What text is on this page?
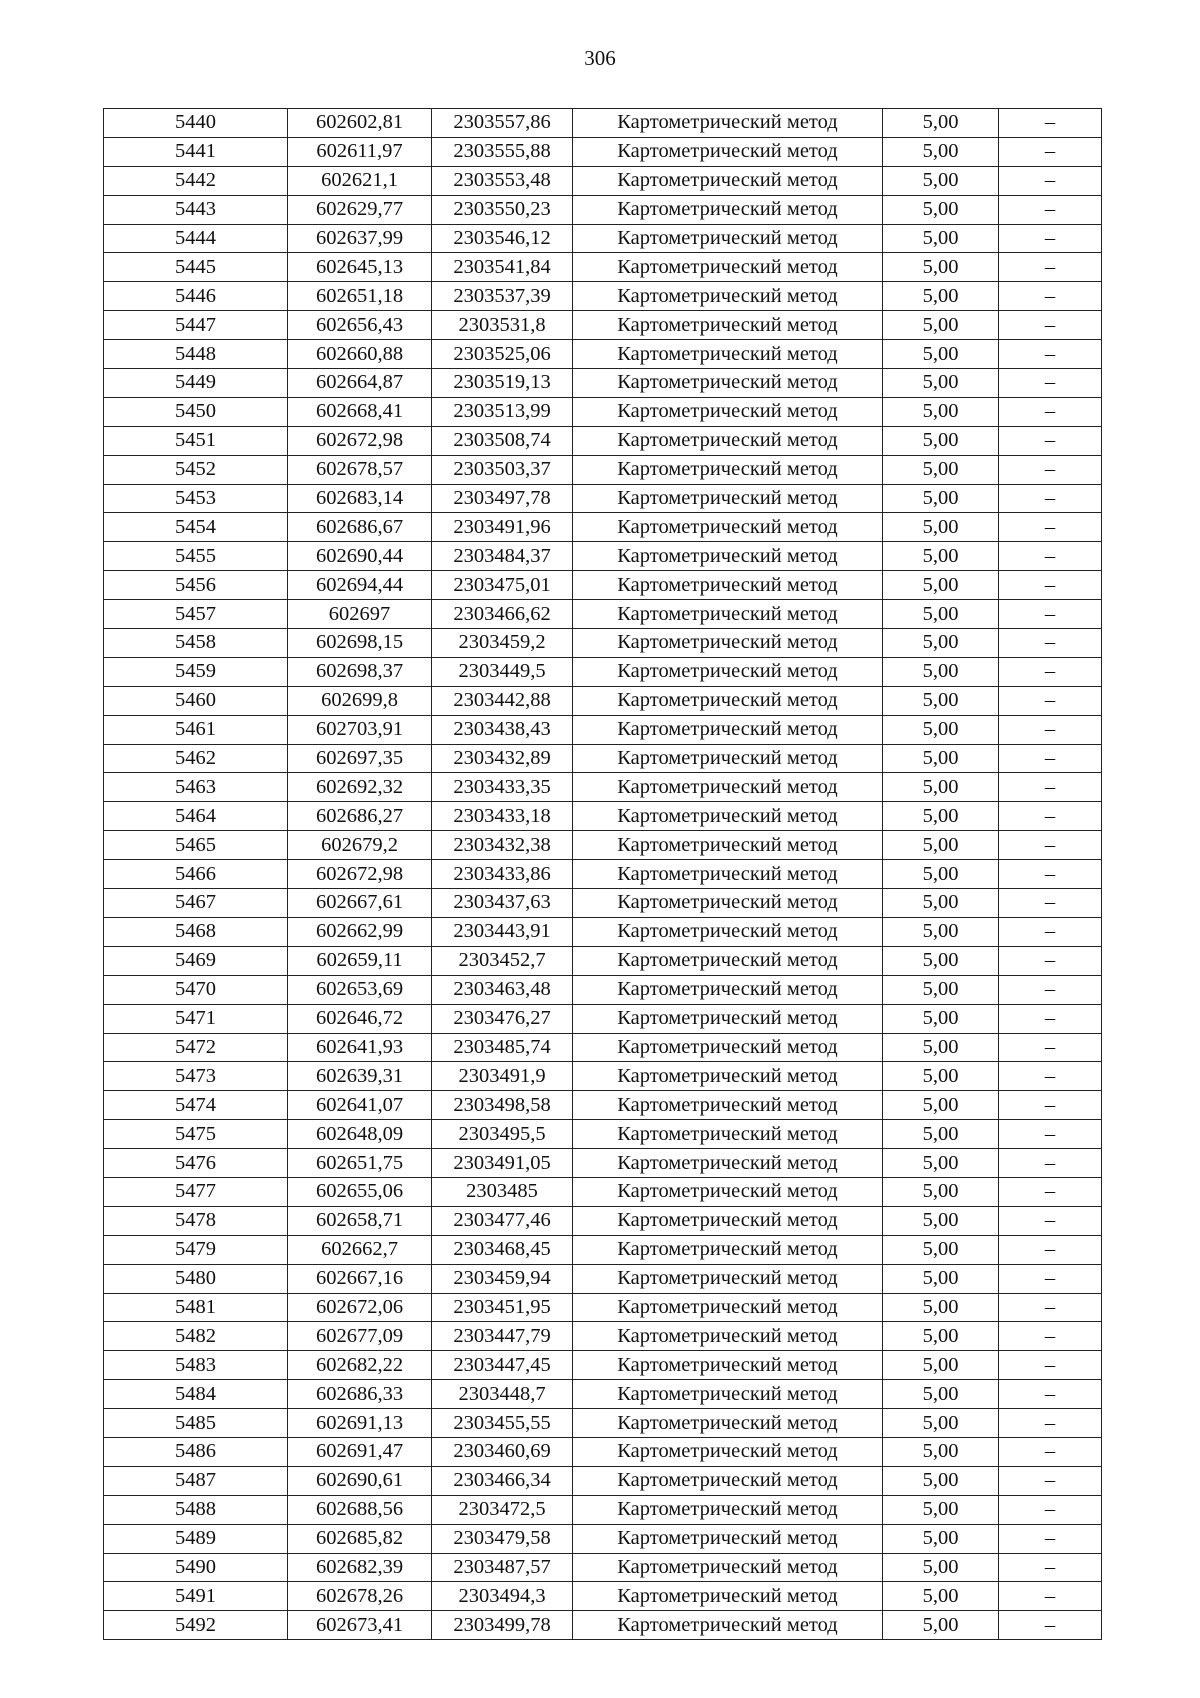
306
5440	602602,81	2303557,86	Картометрический метод	5,00	–
5441	602611,97	2303555,88	Картометрический метод	5,00	–
5442	602621,1	2303553,48	Картометрический метод	5,00	–
5443	602629,77	2303550,23	Картометрический метод	5,00	–
5444	602637,99	2303546,12	Картометрический метод	5,00	–
5445	602645,13	2303541,84	Картометрический метод	5,00	–
5446	602651,18	2303537,39	Картометрический метод	5,00	–
5447	602656,43	2303531,8	Картометрический метод	5,00	–
5448	602660,88	2303525,06	Картометрический метод	5,00	–
5449	602664,87	2303519,13	Картометрический метод	5,00	–
5450	602668,41	2303513,99	Картометрический метод	5,00	–
5451	602672,98	2303508,74	Картометрический метод	5,00	–
5452	602678,57	2303503,37	Картометрический метод	5,00	–
5453	602683,14	2303497,78	Картометрический метод	5,00	–
5454	602686,67	2303491,96	Картометрический метод	5,00	–
5455	602690,44	2303484,37	Картометрический метод	5,00	–
5456	602694,44	2303475,01	Картометрический метод	5,00	–
5457	602697	2303466,62	Картометрический метод	5,00	–
5458	602698,15	2303459,2	Картометрический метод	5,00	–
5459	602698,37	2303449,5	Картометрический метод	5,00	–
5460	602699,8	2303442,88	Картометрический метод	5,00	–
5461	602703,91	2303438,43	Картометрический метод	5,00	–
5462	602697,35	2303432,89	Картометрический метод	5,00	–
5463	602692,32	2303433,35	Картометрический метод	5,00	–
5464	602686,27	2303433,18	Картометрический метод	5,00	–
5465	602679,2	2303432,38	Картометрический метод	5,00	–
5466	602672,98	2303433,86	Картометрический метод	5,00	–
5467	602667,61	2303437,63	Картометрический метод	5,00	–
5468	602662,99	2303443,91	Картометрический метод	5,00	–
5469	602659,11	2303452,7	Картометрический метод	5,00	–
5470	602653,69	2303463,48	Картометрический метод	5,00	–
5471	602646,72	2303476,27	Картометрический метод	5,00	–
5472	602641,93	2303485,74	Картометрический метод	5,00	–
5473	602639,31	2303491,9	Картометрический метод	5,00	–
5474	602641,07	2303498,58	Картометрический метод	5,00	–
5475	602648,09	2303495,5	Картометрический метод	5,00	–
5476	602651,75	2303491,05	Картометрический метод	5,00	–
5477	602655,06	2303485	Картометрический метод	5,00	–
5478	602658,71	2303477,46	Картометрический метод	5,00	–
5479	602662,7	2303468,45	Картометрический метод	5,00	–
5480	602667,16	2303459,94	Картометрический метод	5,00	–
5481	602672,06	2303451,95	Картометрический метод	5,00	–
5482	602677,09	2303447,79	Картометрический метод	5,00	–
5483	602682,22	2303447,45	Картометрический метод	5,00	–
5484	602686,33	2303448,7	Картометрический метод	5,00	–
5485	602691,13	2303455,55	Картометрический метод	5,00	–
5486	602691,47	2303460,69	Картометрический метод	5,00	–
5487	602690,61	2303466,34	Картометрический метод	5,00	–
5488	602688,56	2303472,5	Картометрический метод	5,00	–
5489	602685,82	2303479,58	Картометрический метод	5,00	–
5490	602682,39	2303487,57	Картометрический метод	5,00	–
5491	602678,26	2303494,3	Картометрический метод	5,00	–
5492	602673,41	2303499,78	Картометрический метод	5,00	–
